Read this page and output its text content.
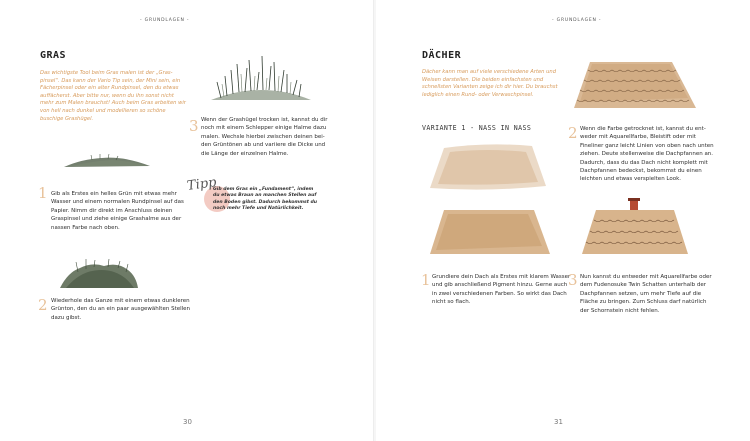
- GRUNDLAGEN -
GRAS
Das wichtigste Tool beim Gras malen ist der „Graspinsel“. Das kann der Vario Tip sein, der Mini sein, ein Fächerpinsel oder ein alter Rundpinsel, den du etwas auffächerst. Aber bitte nur, wenn du ihn sonst nicht mehr zum Malen brauchst! Auch beim Gras arbeiten wir von hell nach dunkel und modellieren so schöne buschige Grashügel.
1 Gib als Erstes ein helles Grün mit etwas mehr Wasser und einem normalen Rundpinsel auf das Papier. Nimm dir direkt im Anschluss deinen Graspinsel und ziehe einige Grashalme aus der nassen Farbe nach oben.
2 Wiederhole das Ganze mit einem etwas dunkleren Grünton, den du an ein paar ausgewählten Stellen dazu gibst.
3 Wenn der Grashügel trocken ist, kannst du dir noch mit einem Schlepper einige Halme dazu malen. Wechsle hierbei zwischen deinen beiden Grüntönen ab und variiere die Dicke und die Länge der einzelnen Halme.
Tipp
Gib dem Gras ein „Fundament“, indem du etwas Braun an manchen Stellen auf den Boden gibst. Dadurch bekommst du noch mehr Tiefe und Natürlichkeit.
30
- GRUNDLAGEN -
DÄCHER
Dächer kann man auf viele verschiedene Arten und Weisen darstellen. Die beiden einfachsten und schnellsten Varianten zeige ich dir hier. Du brauchst lediglich einen Rund- oder Verwaschpinsel.
VARIANTE 1 - NASS IN NASS
1 Grundiere dein Dach als Erstes mit klarem Wasser und gib anschließend Pigment hinzu. Gerne auch in zwei verschiedenen Farben. So wirkt das Dach nicht so flach.
2 Wenn die Farbe getrocknet ist, kannst du entweder mit Aquarellfarbe, Bleistift oder mit Fineliner ganz leicht Linien von oben nach unten ziehen. Deute stellenweise die Dachpfannen an. Dadurch, dass du das Dach nicht komplett mit Dachpfannen bedeckst, bekommst du einen leichten und etwas verspielten Look.
3 Nun kannst du entweder mit Aquarellfarbe oder dem Fudenosuke Twin Schatten unterhalb der Dachpfannen setzen, um mehr Tiefe auf die Fläche zu bringen. Zum Schluss darf natürlich der Schornstein nicht fehlen.
31
